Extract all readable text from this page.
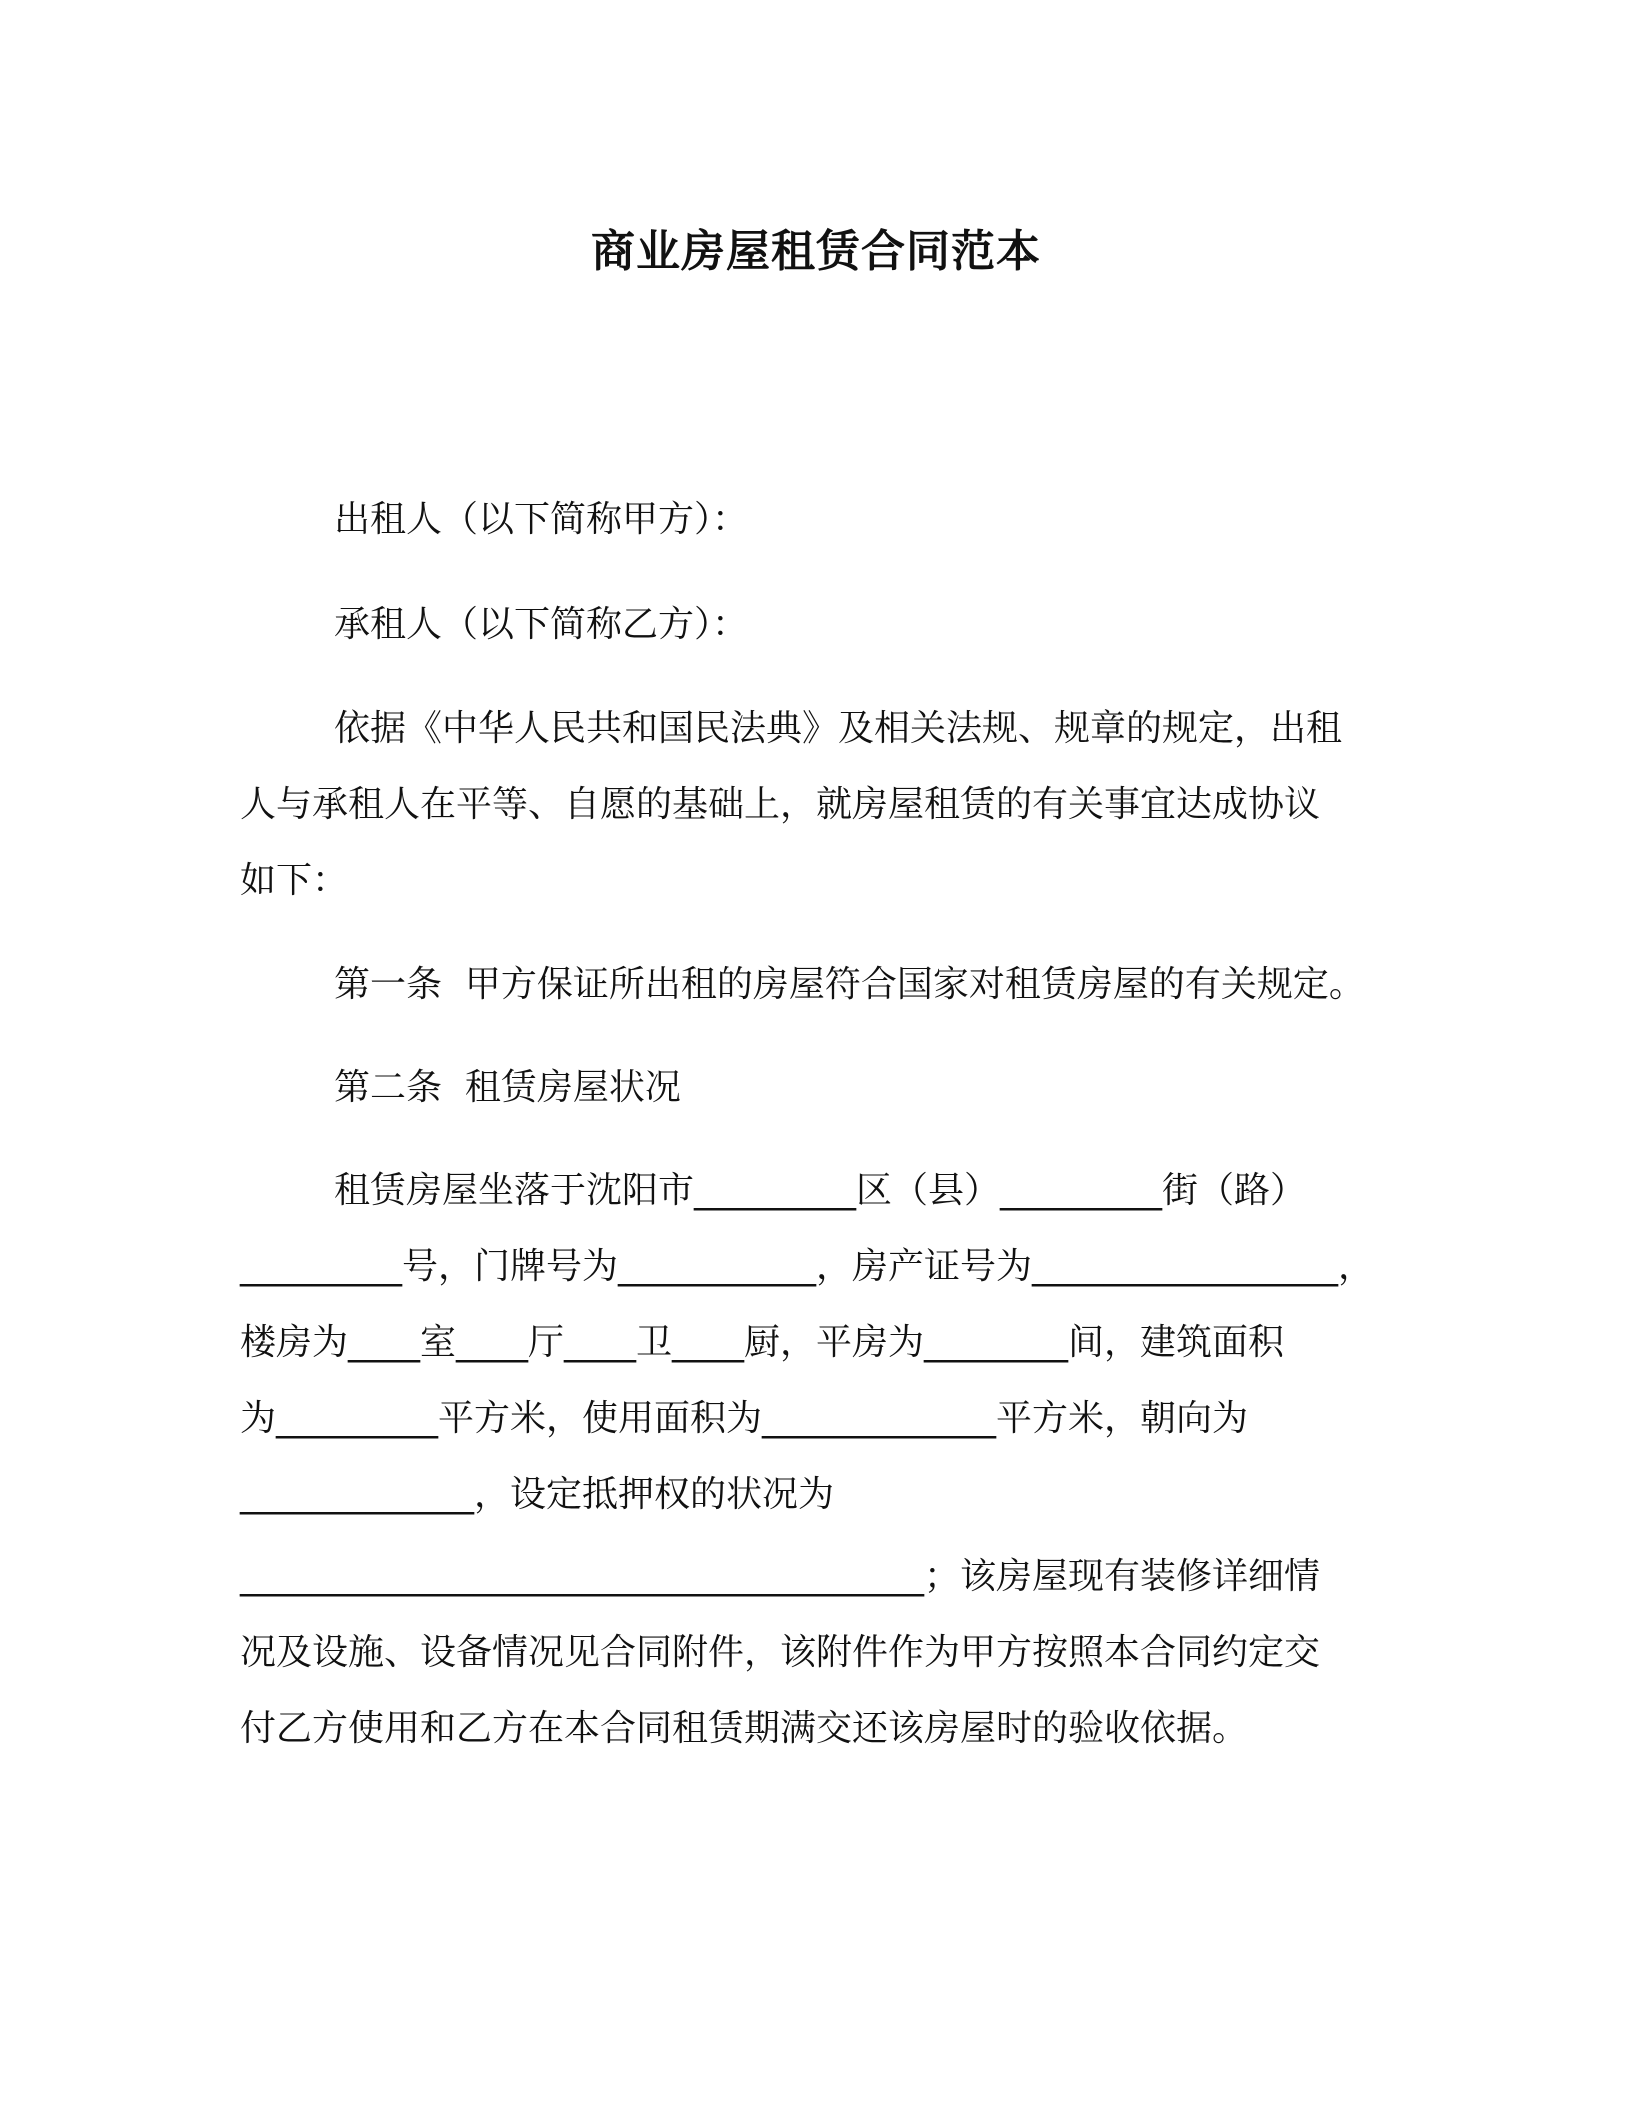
商业房屋租赁合同范本
出租人（以下简称甲方）：
承租人（以下简称乙方）：
依据《中华人民共和国民法典》及相关法规、规章的规定，出租
人与承租人在平等、自愿的基础上，就房屋租赁的有关事宜达成协议
如下：
第一条  甲方保证所出租的房屋符合国家对租赁房屋的有关规定。
第二条  租赁房屋状况
租赁房屋坐落于沈阳市_________区（县）_________街（路）
_________号，门牌号为___________，房产证号为_________________，
楼房为____室____厅____卫____厨，平房为________间，建筑面积
为_________平方米，使用面积为_____________平方米，朝向为
_____________，设定抵押权的状况为
______________________________________；该房屋现有装修详细情
况及设施、设备情况见合同附件，该附件作为甲方按照本合同约定交
付乙方使用和乙方在本合同租赁期满交还该房屋时的验收依据。
